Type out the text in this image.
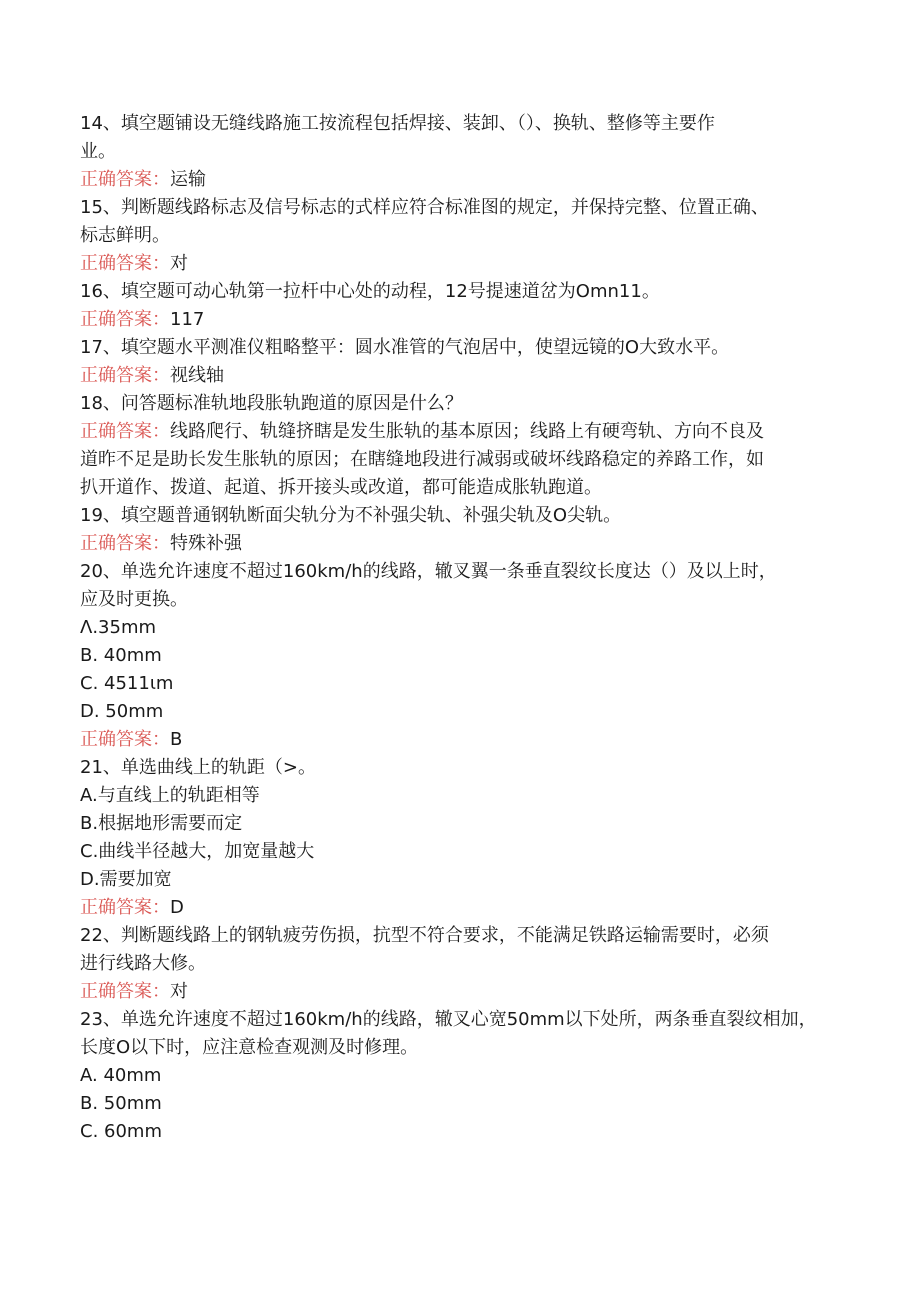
14、填空题铺设无缝线路施工按流程包括焊接、装卸、（）、换轨、整修等主要作
业。
正确答案：运输
15、判断题线路标志及信号标志的式样应符合标准图的规定，并保持完整、位置正确、
标志鲜明。
正确答案：对
16、填空题可动心轨第一拉杆中心处的动程，12号提速道岔为Omn11。
正确答案：117
17、填空题水平测准仪粗略整平：圆水准管的气泡居中，使望远镜的O大致水平。
正确答案：视线轴
18、问答题标准轨地段胀轨跑道的原因是什么？
正确答案：线路爬行、轨缝挤瞎是发生胀轨的基本原因；线路上有硬弯轨、方向不良及
道昨不足是助长发生胀轨的原因；在瞎缝地段进行减弱或破坏线路稳定的养路工作，如
扒开道作、拨道、起道、拆开接头或改道，都可能造成胀轨跑道。
19、填空题普通钢轨断面尖轨分为不补强尖轨、补强尖轨及O尖轨。
正确答案：特殊补强
20、单选允许速度不超过160km/h的线路，辙叉翼一条垂直裂纹长度达（）及以上时，
应及时更换。
Λ.35mm
B. 40mm
C. 4511ιm
D. 50mm
正确答案：B
21、单选曲线上的轨距（>。
A.与直线上的轨距相等
B.根据地形需要而定
C.曲线半径越大，加宽量越大
D.需要加宽
正确答案：D
22、判断题线路上的钢轨疲劳伤损，抗型不符合要求，不能满足铁路运输需要时，必须
进行线路大修。
正确答案：对
23、单选允许速度不超过160km/h的线路，辙叉心宽50mm以下处所，两条垂直裂纹相加，
长度O以下时，应注意检查观测及时修理。
A. 40mm
B. 50mm
C. 60mm
